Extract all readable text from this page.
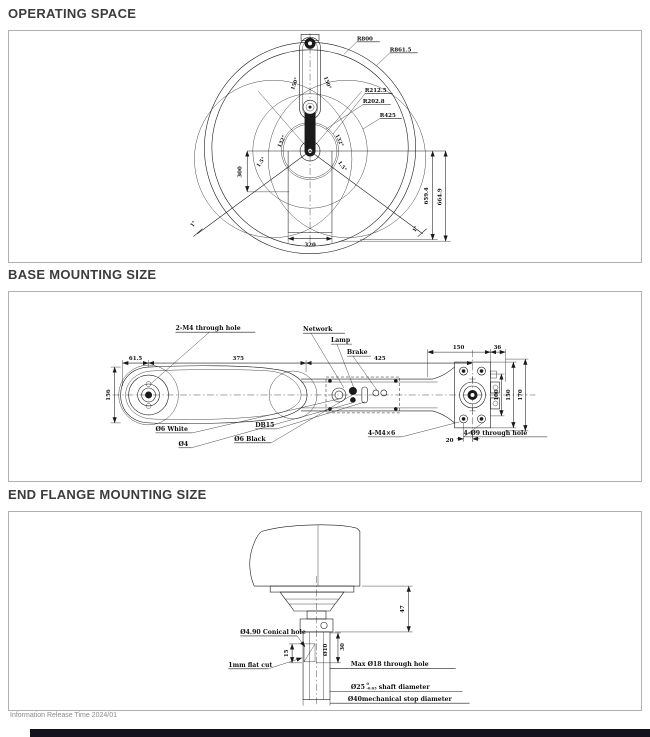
OPERATING SPACE
R800
R861.5
R212.5
R202.8
R425
150°	150°
132°	132°
1.5°	1.5°
1°
1°
300
320
659.4 664.9
BASE MOUNTING SIZE
61.5	375	425
150	36
156	100 150 170
20
2-M4 through hole	Network
Lamp
Brake
Ø6 White
Ø4
Ø6 Black
DB15
4-M4×6	4-Ø9 through hole
END FLANGE MOUNTING SIZE
47
15	Ø10 30
Ø4.90 Conical hole
1mm flat cut	Max Ø18 through hole
Ø25 0
-0.03 shaft diameter
Ø40mechanical stop diameter
Information Release Time 2024/01
